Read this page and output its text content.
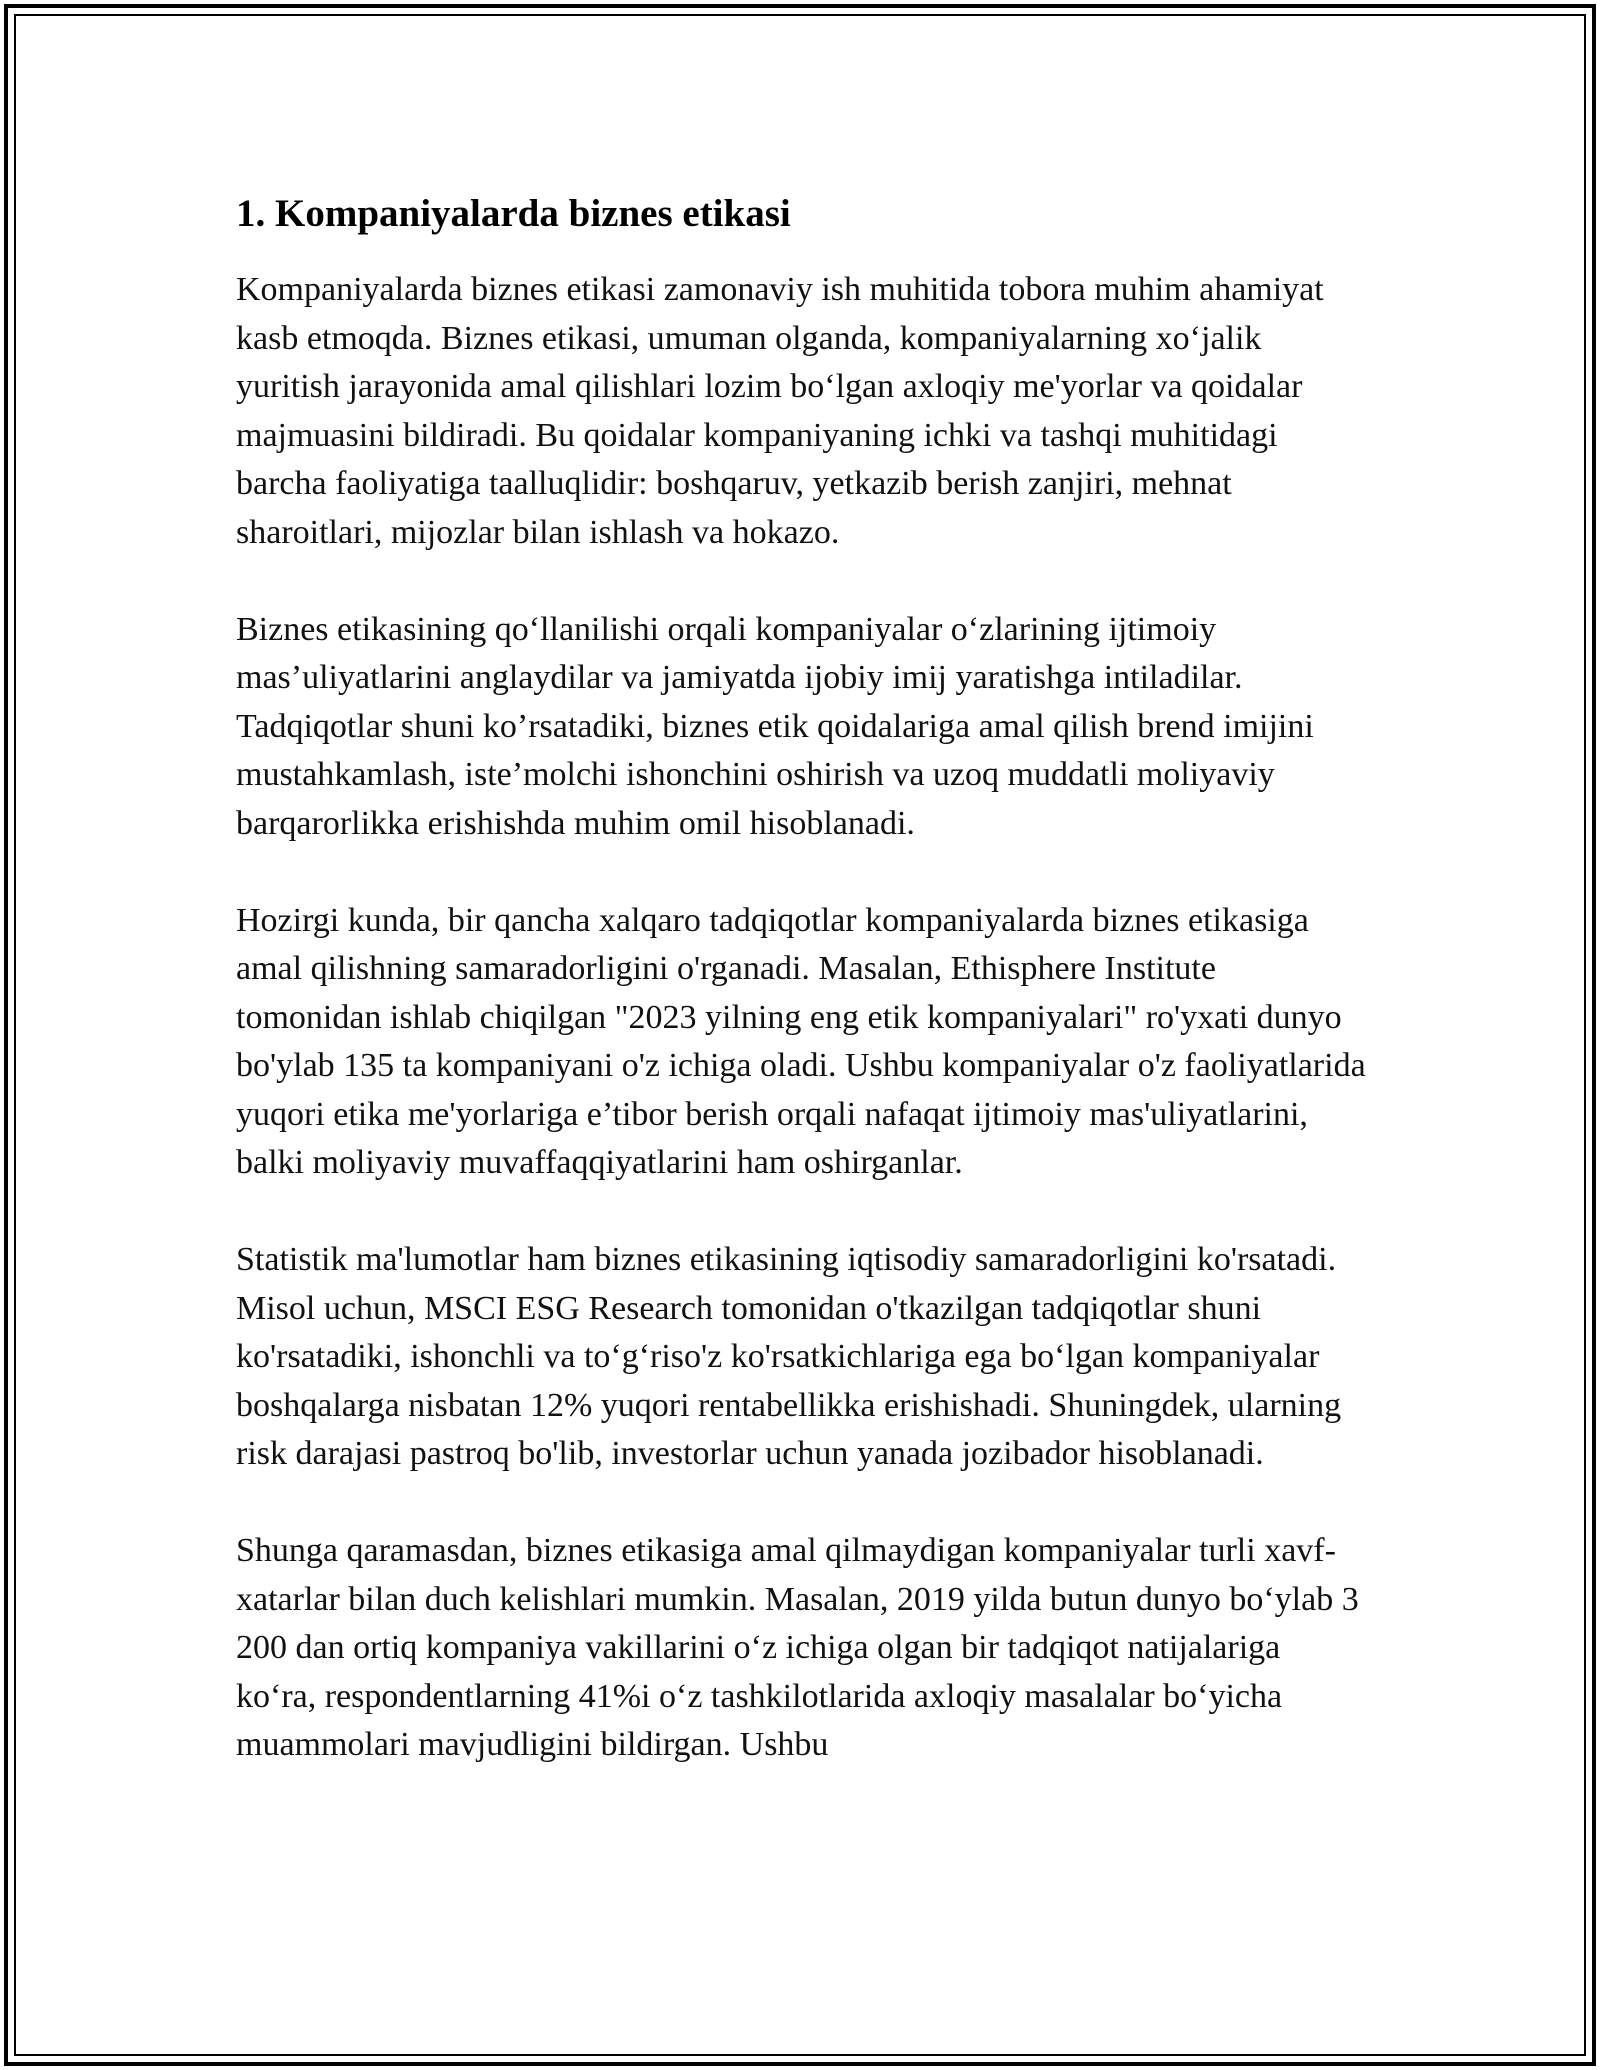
1. Kompaniyalarda biznes etikasi

Kompaniyalarda biznes etikasi zamonaviy ish muhitida tobora muhim ahamiyat kasb etmoqda. Biznes etikasi, umuman olganda, kompaniyalarning xo‘jalik yuritish jarayonida amal qilishlari lozim bo‘lgan axloqiy me'yorlar va qoidalar majmuasini bildiradi. Bu qoidalar kompaniyaning ichki va tashqi muhitidagi barcha faoliyatiga taalluqlidir: boshqaruv, yetkazib berish zanjiri, mehnat sharoitlari, mijozlar bilan ishlash va hokazo.

Biznes etikasining qo‘llanilishi orqali kompaniyalar o‘zlarining ijtimoiy mas’uliyatlarini anglaydilar va jamiyatda ijobiy imij yaratishga intiladilar. Tadqiqotlar shuni ko’rsatadiki, biznes etik qoidalariga amal qilish brend imijini mustahkamlash, iste’molchi ishonchini oshirish va uzoq muddatli moliyaviy barqarorlikka erishishda muhim omil hisoblanadi.

Hozirgi kunda, bir qancha xalqaro tadqiqotlar kompaniyalarda biznes etikasiga amal qilishning samaradorligini o'rganadi. Masalan, Ethisphere Institute tomonidan ishlab chiqilgan "2023 yilning eng etik kompaniyalari" ro'yxati dunyo bo'ylab 135 ta kompaniyani o'z ichiga oladi. Ushbu kompaniyalar o'z faoliyatlarida yuqori etika me'yorlariga e’tibor berish orqali nafaqat ijtimoiy mas'uliyatlarini, balki moliyaviy muvaffaqqiyatlarini ham oshirganlar.

Statistik ma'lumotlar ham biznes etikasining iqtisodiy samaradorligini ko'rsatadi. Misol uchun, MSCI ESG Research tomonidan o'tkazilgan tadqiqotlar shuni ko'rsatadiki, ishonchli va to‘g‘riso'z ko'rsatkichlariga ega bo‘lgan kompaniyalar boshqalarga nisbatan 12% yuqori rentabellikka erishishadi. Shuningdek, ularning risk darajasi pastroq bo'lib, investorlar uchun yanada jozibador hisoblanadi.

Shunga qaramasdan, biznes etikasiga amal qilmaydigan kompaniyalar turli xavf-xatarlar bilan duch kelishlari mumkin. Masalan, 2019 yilda butun dunyo bo‘ylab 3 200 dan ortiq kompaniya vakillarini o‘z ichiga olgan bir tadqiqot natijalariga ko‘ra, respondentlarning 41%i o‘z tashkilotlarida axloqiy masalalar bo‘yicha muammolari mavjudligini bildirgan. Ushbu
